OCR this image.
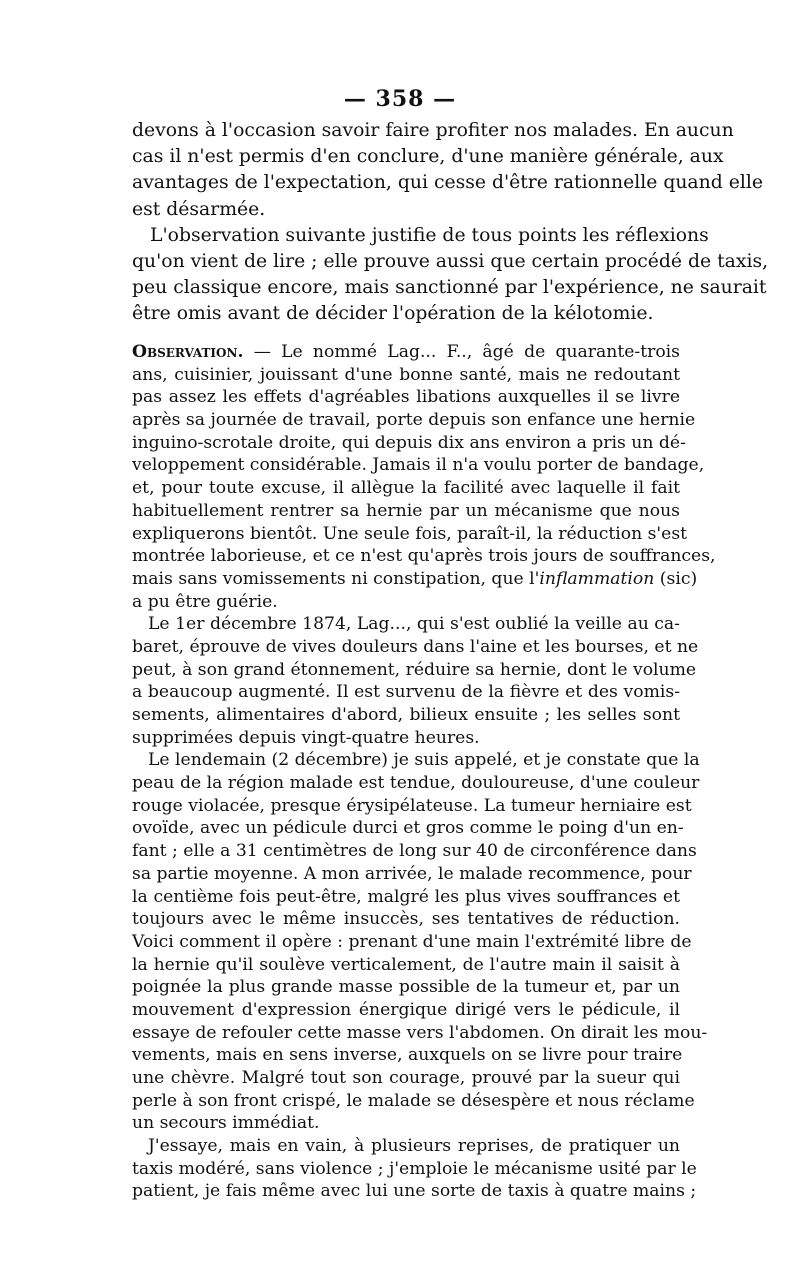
— 358 —
devons à l'occasion savoir faire profiter nos malades. En aucun
cas il n'est permis d'en conclure, d'une manière générale, aux
avantages de l'expectation, qui cesse d'être rationnelle quand elle
est désarmée.
L'observation suivante justifie de tous points les réflexions
qu'on vient de lire ; elle prouve aussi que certain procédé de taxis,
peu classique encore, mais sanctionné par l'expérience, ne saurait
être omis avant de décider l'opération de la kélotomie.
Observation. — Le nommé Lag... F.., âgé de quarante-trois
ans, cuisinier, jouissant d'une bonne santé, mais ne redoutant
pas assez les effets d'agréables libations auxquelles il se livre
après sa journée de travail, porte depuis son enfance une hernie
inguino-scrotale droite, qui depuis dix ans environ a pris un dé-
veloppement considérable. Jamais il n'a voulu porter de bandage,
et, pour toute excuse, il allègue la facilité avec laquelle il fait
habituellement rentrer sa hernie par un mécanisme que nous
expliquerons bientôt. Une seule fois, paraît-il, la réduction s'est
montrée laborieuse, et ce n'est qu'après trois jours de souffrances,
mais sans vomissements ni constipation, que l'inflammation (sic)
a pu être guérie.
Le 1er décembre 1874, Lag..., qui s'est oublié la veille au ca-
baret, éprouve de vives douleurs dans l'aine et les bourses, et ne
peut, à son grand étonnement, réduire sa hernie, dont le volume
a beaucoup augmenté. Il est survenu de la fièvre et des vomis-
sements, alimentaires d'abord, bilieux ensuite ; les selles sont
supprimées depuis vingt-quatre heures.
Le lendemain (2 décembre) je suis appelé, et je constate que la
peau de la région malade est tendue, douloureuse, d'une couleur
rouge violacée, presque érysipélateuse. La tumeur herniaire est
ovoïde, avec un pédicule durci et gros comme le poing d'un en-
fant ; elle a 31 centimètres de long sur 40 de circonférence dans
sa partie moyenne. A mon arrivée, le malade recommence, pour
la centième fois peut-être, malgré les plus vives souffrances et
toujours avec le même insuccès, ses tentatives de réduction.
Voici comment il opère : prenant d'une main l'extrémité libre de
la hernie qu'il soulève verticalement, de l'autre main il saisit à
poignée la plus grande masse possible de la tumeur et, par un
mouvement d'expression énergique dirigé vers le pédicule, il
essaye de refouler cette masse vers l'abdomen. On dirait les mou-
vements, mais en sens inverse, auxquels on se livre pour traire
une chèvre. Malgré tout son courage, prouvé par la sueur qui
perle à son front crispé, le malade se désespère et nous réclame
un secours immédiat.
J'essaye, mais en vain, à plusieurs reprises, de pratiquer un
taxis modéré, sans violence ; j'emploie le mécanisme usité par le
patient, je fais même avec lui une sorte de taxis à quatre mains ;
